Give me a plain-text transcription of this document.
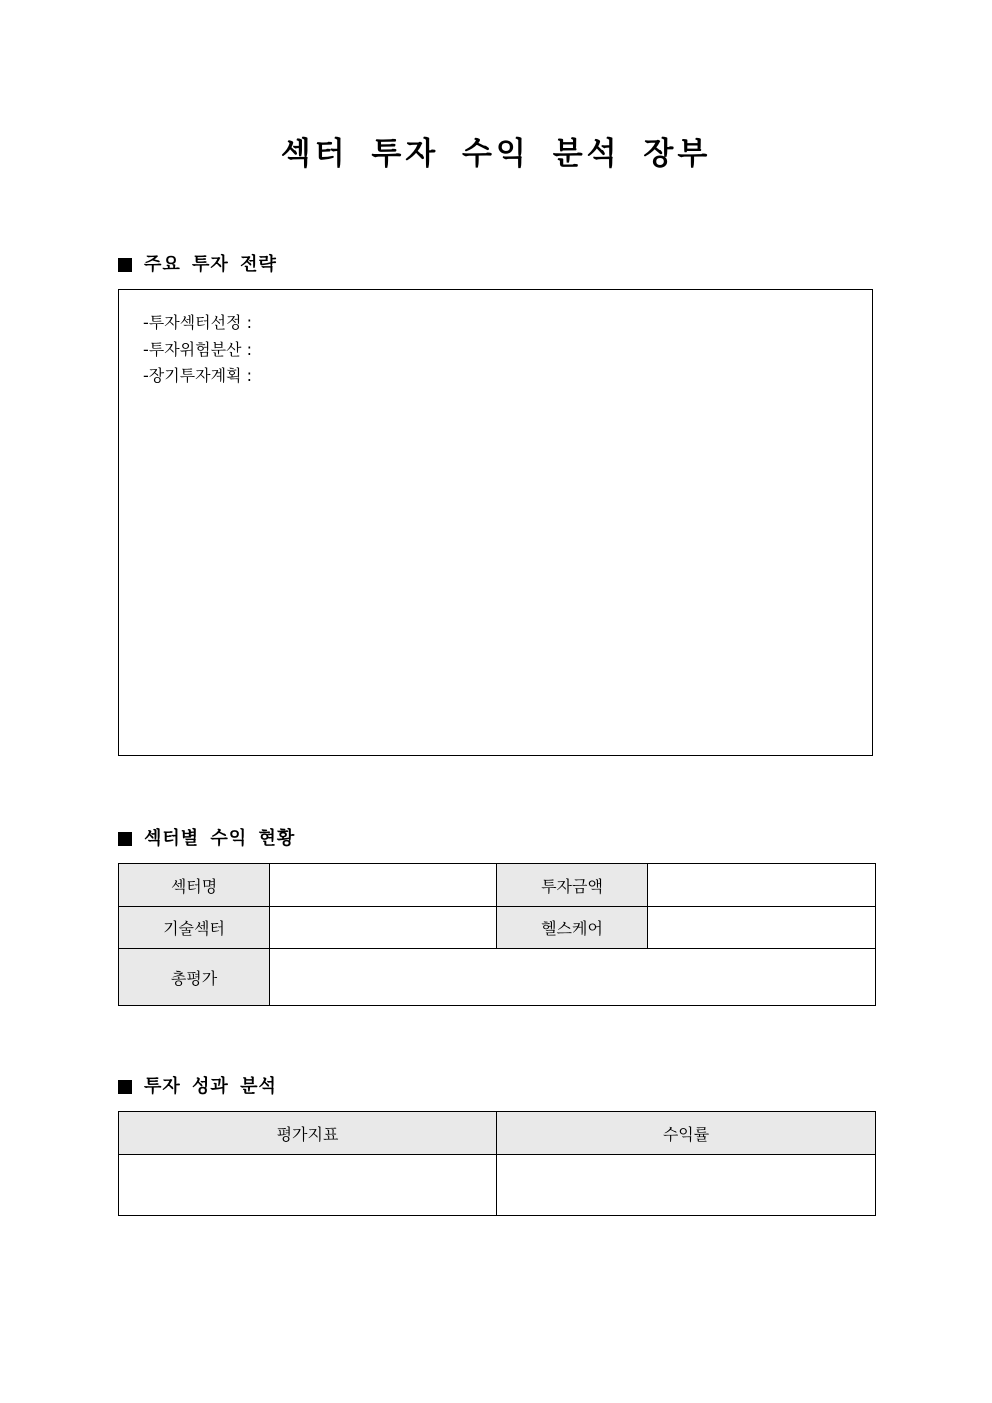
섹터 투자 수익 분석 장부
주요 투자 전략
-투자섹터선정 :
-투자위험분산 :
-장기투자계획 :
섹터별 수익 현황
섹터명		투자금액	
기술섹터		헬스케어	
총평가			
투자 성과 분석
평가지표	수익률
